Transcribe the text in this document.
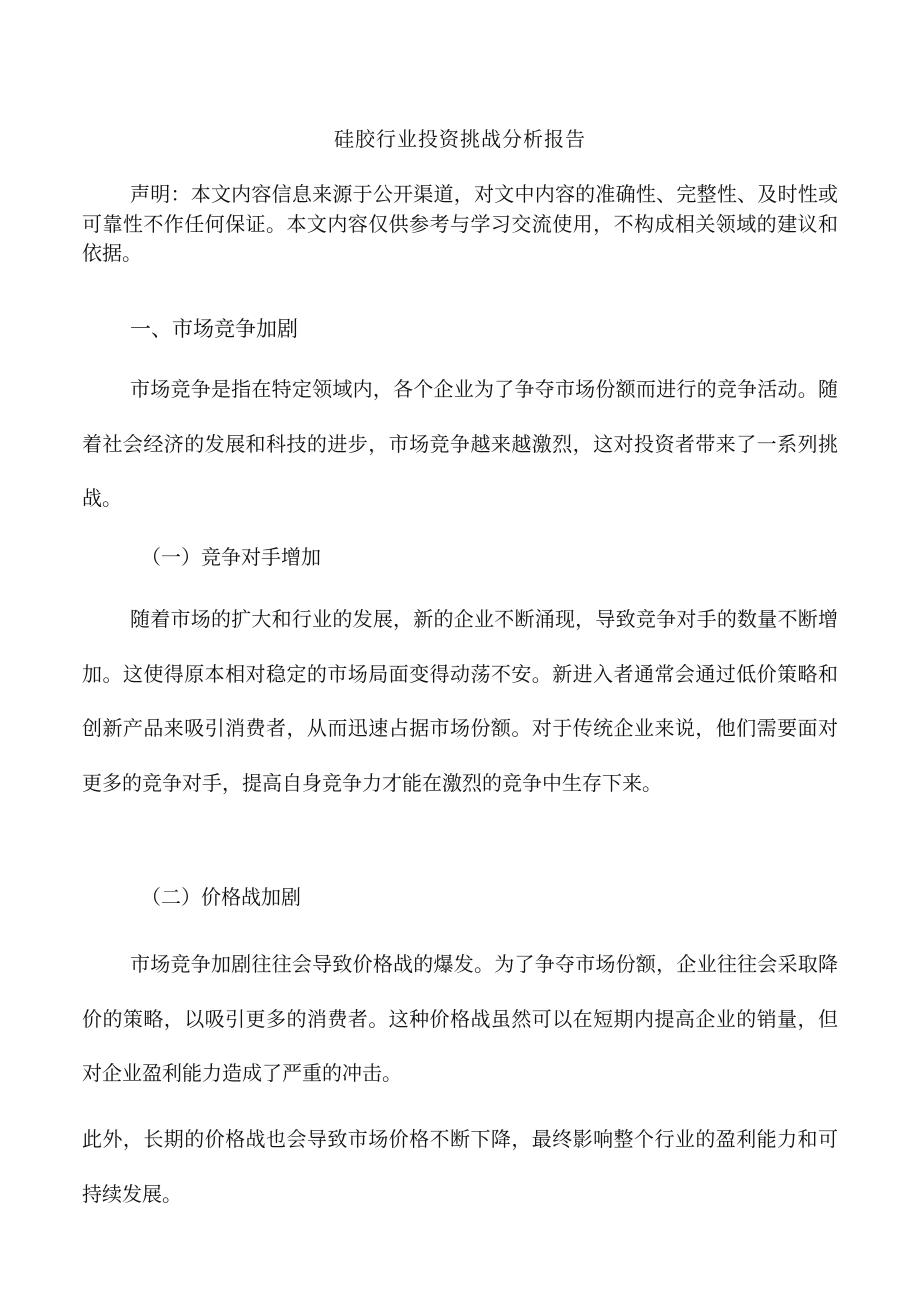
硅胶行业投资挑战分析报告

声明：本文内容信息来源于公开渠道，对文中内容的准确性、完整性、及时性或可靠性不作任何保证。本文内容仅供参考与学习交流使用，不构成相关领域的建议和依据。

一、市场竞争加剧

市场竞争是指在特定领域内，各个企业为了争夺市场份额而进行的竞争活动。随着社会经济的发展和科技的进步，市场竞争越来越激烈，这对投资者带来了一系列挑战。

（一）竞争对手增加

随着市场的扩大和行业的发展，新的企业不断涌现，导致竞争对手的数量不断增加。这使得原本相对稳定的市场局面变得动荡不安。新进入者通常会通过低价策略和创新产品来吸引消费者，从而迅速占据市场份额。对于传统企业来说，他们需要面对更多的竞争对手，提高自身竞争力才能在激烈的竞争中生存下来。

（二）价格战加剧

市场竞争加剧往往会导致价格战的爆发。为了争夺市场份额，企业往往会采取降价的策略，以吸引更多的消费者。这种价格战虽然可以在短期内提高企业的销量，但对企业盈利能力造成了严重的冲击。

此外，长期的价格战也会导致市场价格不断下降，最终影响整个行业的盈利能力和可持续发展。
